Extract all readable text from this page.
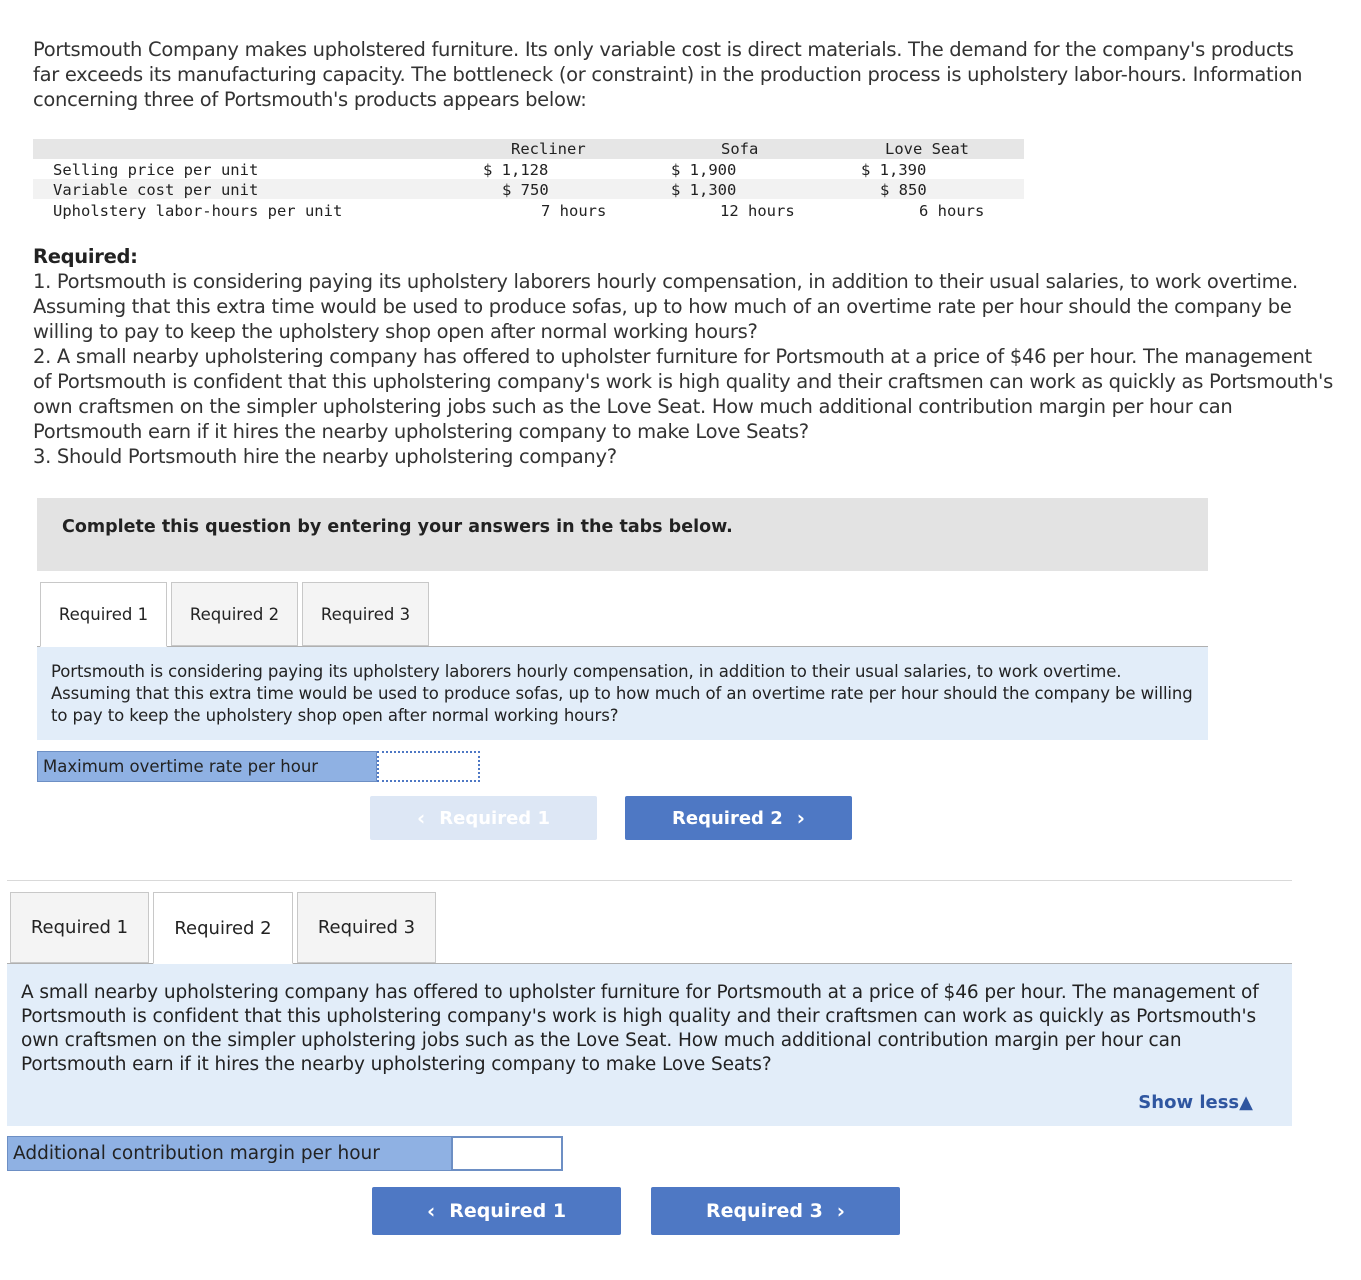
Portsmouth Company makes upholstered furniture. Its only variable cost is direct materials. The demand for the company's products far exceeds its manufacturing capacity. The bottleneck (or constraint) in the production process is upholstery labor-hours. Information concerning three of Portsmouth's products appears below:
Recliner	Sofa	Love Seat
Selling price per unit	$ 1,128	$ 1,900	$ 1,390
Variable cost per unit	$ 750	$ 1,300	$ 850
Upholstery labor-hours per unit	7 hours	12 hours	6 hours
Required:
1. Portsmouth is considering paying its upholstery laborers hourly compensation, in addition to their usual salaries, to work overtime. Assuming that this extra time would be used to produce sofas, up to how much of an overtime rate per hour should the company be willing to pay to keep the upholstery shop open after normal working hours?
2. A small nearby upholstering company has offered to upholster furniture for Portsmouth at a price of $46 per hour. The management of Portsmouth is confident that this upholstering company's work is high quality and their craftsmen can work as quickly as Portsmouth's own craftsmen on the simpler upholstering jobs such as the Love Seat. How much additional contribution margin per hour can Portsmouth earn if it hires the nearby upholstering company to make Love Seats?
3. Should Portsmouth hire the nearby upholstering company?
Complete this question by entering your answers in the tabs below.
Required 1	Required 2	Required 3
Portsmouth is considering paying its upholstery laborers hourly compensation, in addition to their usual salaries, to work overtime. Assuming that this extra time would be used to produce sofas, up to how much of an overtime rate per hour should the company be willing to pay to keep the upholstery shop open after normal working hours?
Maximum overtime rate per hour
‹ Required 1	Required 2 ›
Required 1	Required 2	Required 3
A small nearby upholstering company has offered to upholster furniture for Portsmouth at a price of $46 per hour. The management of Portsmouth is confident that this upholstering company's work is high quality and their craftsmen can work as quickly as Portsmouth's own craftsmen on the simpler upholstering jobs such as the Love Seat. How much additional contribution margin per hour can Portsmouth earn if it hires the nearby upholstering company to make Love Seats?
Show less▲
Additional contribution margin per hour
‹ Required 1	Required 3 ›
